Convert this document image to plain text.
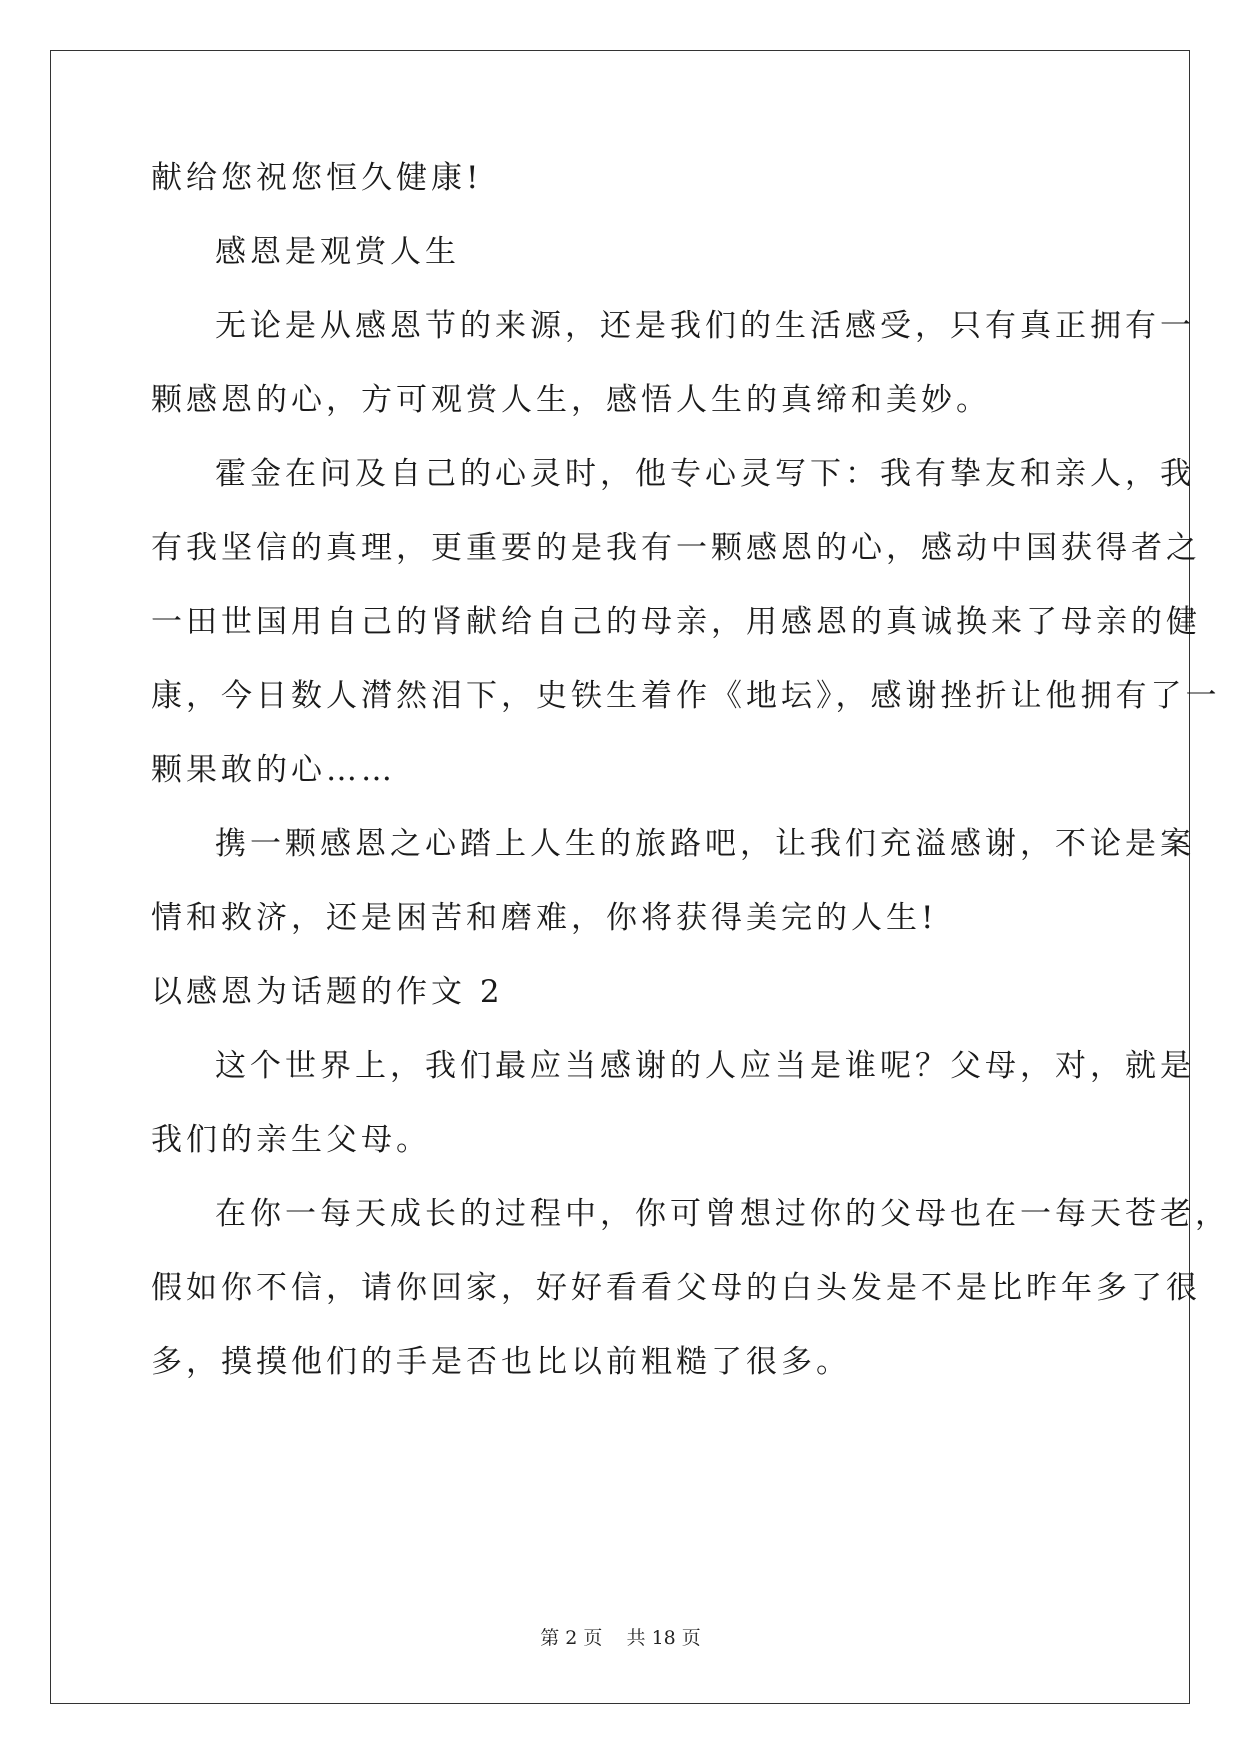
献给您祝您恒久健康!
感恩是观赏人生
无论是从感恩节的来源，还是我们的生活感受，只有真正拥有一
颗感恩的心，方可观赏人生，感悟人生的真缔和美妙。
霍金在问及自己的心灵时，他专心灵写下：我有挚友和亲人，我
有我坚信的真理，更重要的是我有一颗感恩的心，感动中国获得者之
一田世国用自己的肾献给自己的母亲，用感恩的真诚换来了母亲的健
康，今日数人潸然泪下，史铁生着作《地坛》，感谢挫折让他拥有了一
颗果敢的心……
携一颗感恩之心踏上人生的旅路吧，让我们充溢感谢，不论是案
情和救济，还是困苦和磨难，你将获得美完的人生!
以感恩为话题的作文 2
这个世界上，我们最应当感谢的人应当是谁呢？父母，对，就是
我们的亲生父母。
在你一每天成长的过程中，你可曾想过你的父母也在一每天苍老，
假如你不信，请你回家，好好看看父母的白头发是不是比昨年多了很
多，摸摸他们的手是否也比以前粗糙了很多。
第 2 页    共 18 页
